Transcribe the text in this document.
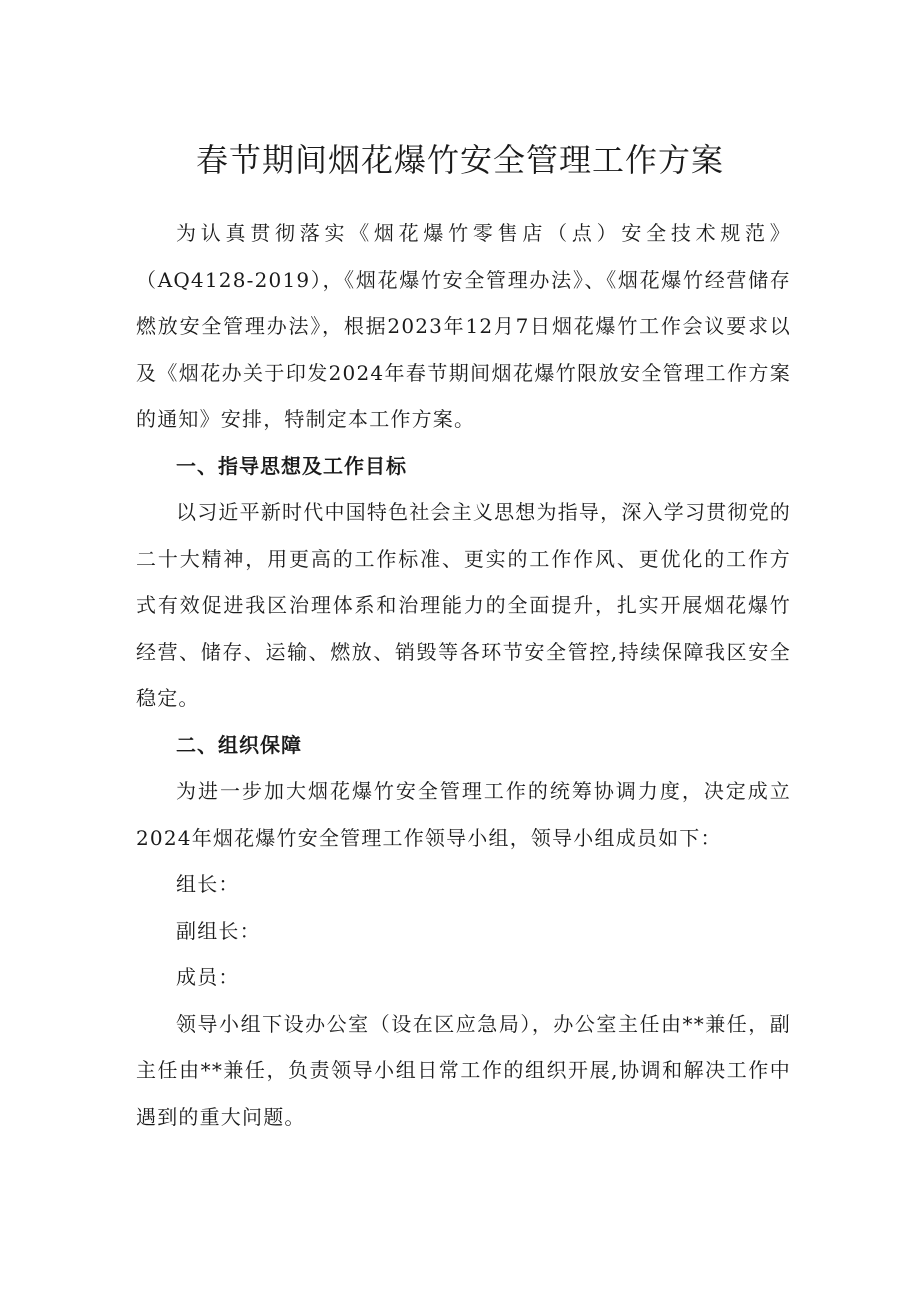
春节期间烟花爆竹安全管理工作方案

为认真贯彻落实《烟花爆竹零售店（点）安全技术规范》（AQ4128-2019），《烟花爆竹安全管理办法》、《烟花爆竹经营储存燃放安全管理办法》，根据2023年12月7日烟花爆竹工作会议要求以及《烟花办关于印发2024年春节期间烟花爆竹限放安全管理工作方案的通知》安排，特制定本工作方案。

一、指导思想及工作目标

以习近平新时代中国特色社会主义思想为指导，深入学习贯彻党的二十大精神，用更高的工作标准、更实的工作作风、更优化的工作方式有效促进我区治理体系和治理能力的全面提升，扎实开展烟花爆竹经营、储存、运输、燃放、销毁等各环节安全管控,持续保障我区安全稳定。

二、组织保障

为进一步加大烟花爆竹安全管理工作的统筹协调力度，决定成立2024年烟花爆竹安全管理工作领导小组，领导小组成员如下：

组长：

副组长：

成员：

领导小组下设办公室（设在区应急局），办公室主任由**兼任，副主任由**兼任，负责领导小组日常工作的组织开展,协调和解决工作中遇到的重大问题。
